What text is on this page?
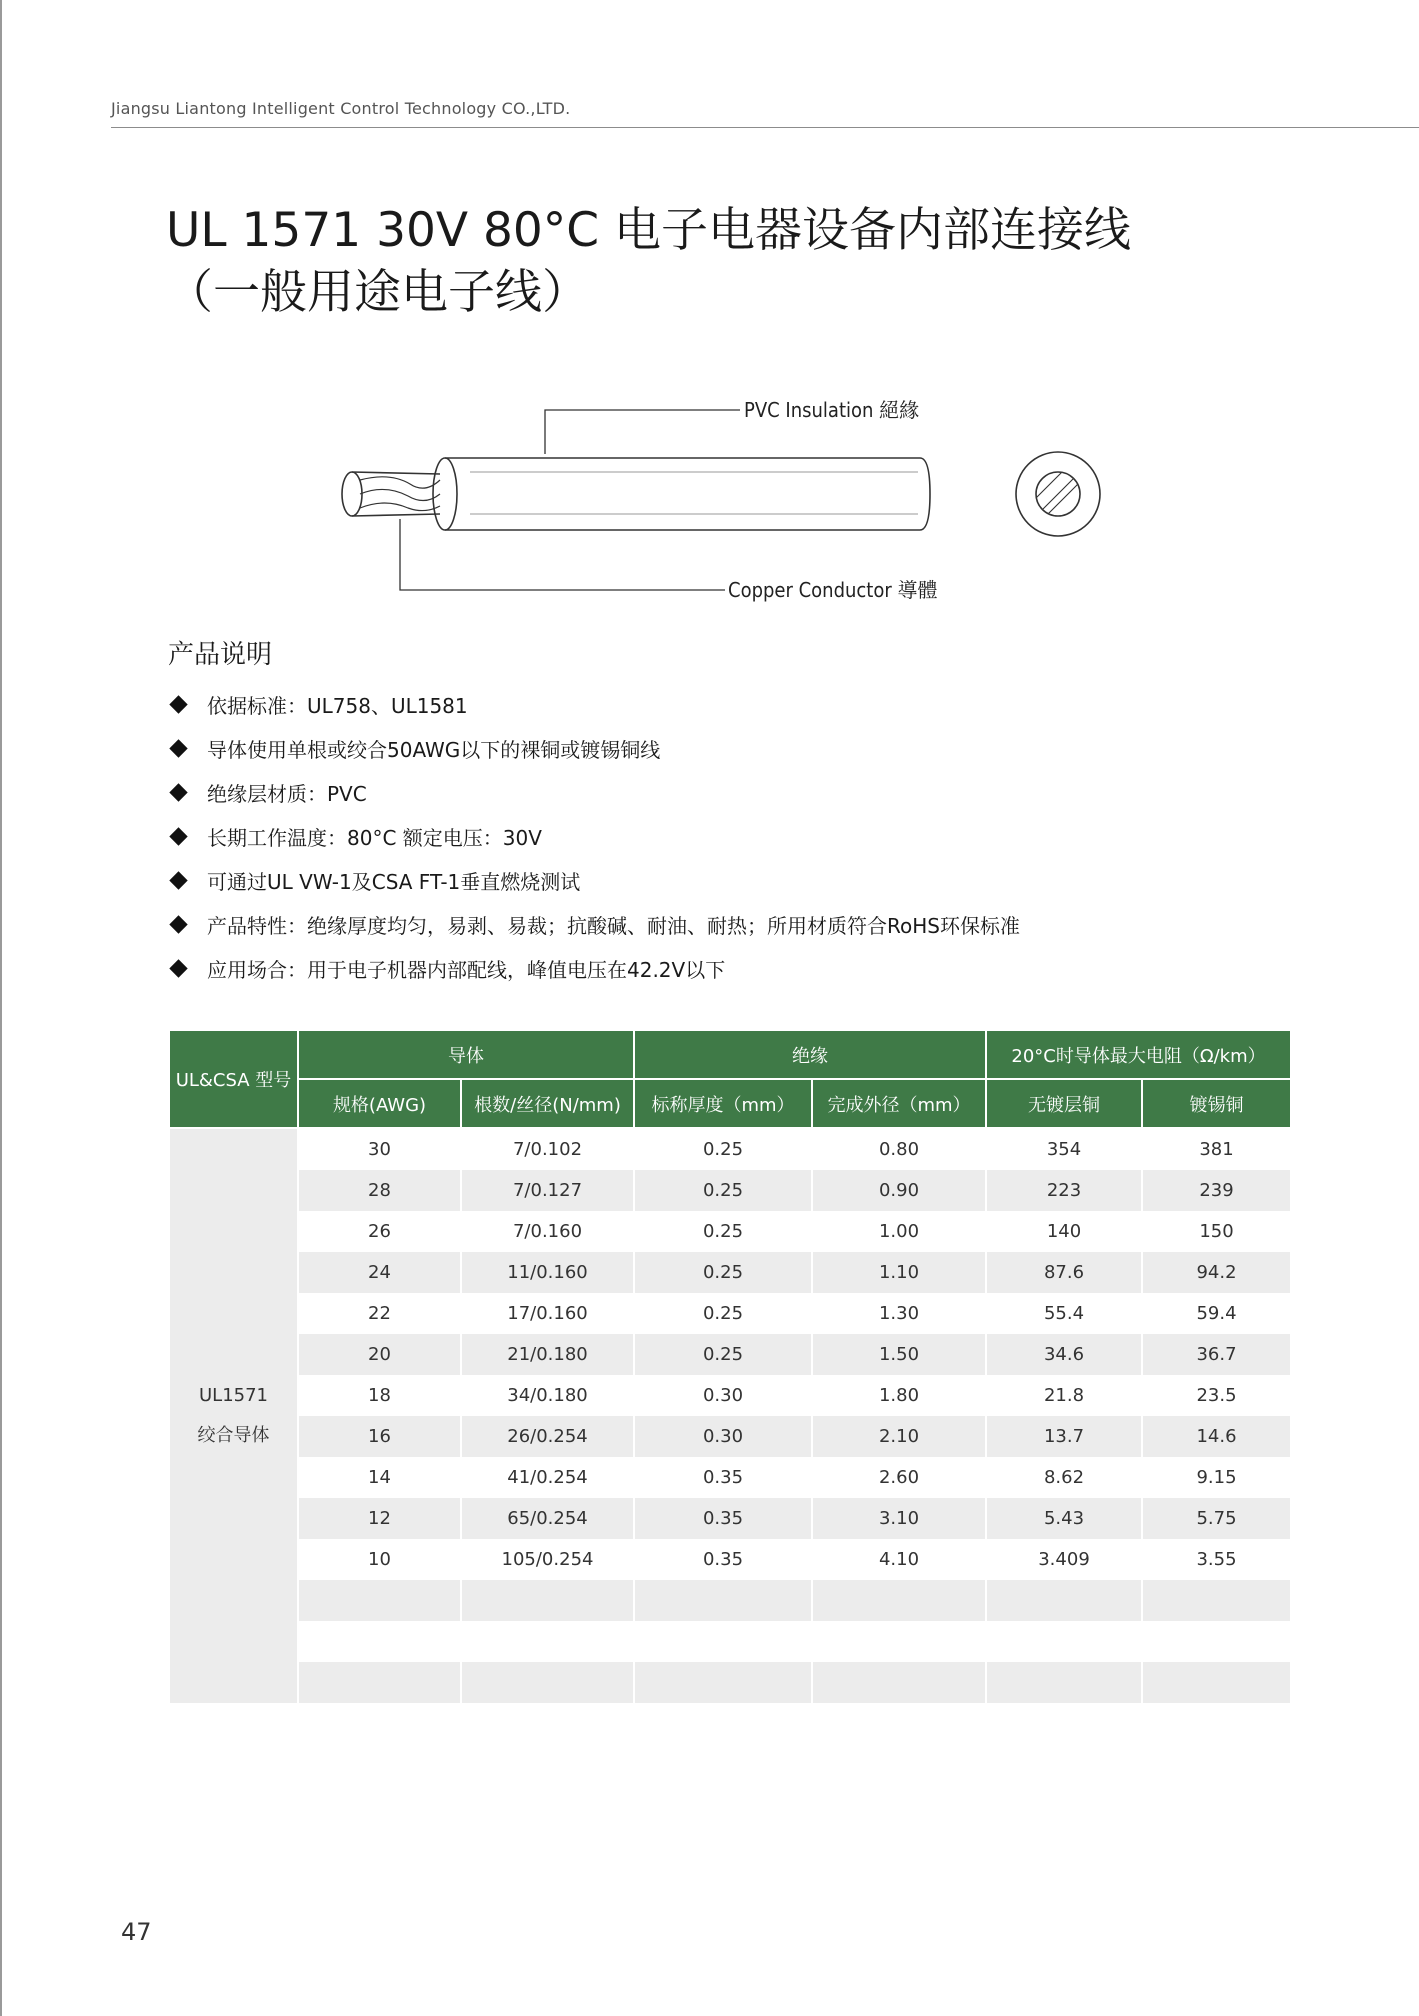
Jiangsu Liantong Intelligent Control Technology CO.,LTD.
UL 1571 30V 80°C 电子电器设备内部连接线
（一般用途电子线）
PVC Insulation 絕緣
Copper Conductor 導體
产品说明
依据标准：UL758、UL1581
导体使用单根或绞合50AWG以下的裸铜或镀锡铜线
绝缘层材质：PVC
长期工作温度：80°C 额定电压：30V
可通过UL VW-1及CSA FT-1垂直燃烧测试
产品特性：绝缘厚度均匀，易剥、易裁；抗酸碱、耐油、耐热；所用材质符合RoHS环保标准
应用场合：用于电子机器内部配线，峰值电压在42.2V以下
UL&CSA 型号	导体		绝缘		20°C时导体最大电阻（Ω/km）	
	规格(AWG)	根数/丝径(N/mm)	标称厚度（mm）	完成外径（mm）	无镀层铜	镀锡铜

UL1571
绞合导体	30	7/0.102	0.25	0.80	354	381
	28	7/0.127	0.25	0.90	223	239
	26	7/0.160	0.25	1.00	140	150
	24	11/0.160	0.25	1.10	87.6	94.2
	22	17/0.160	0.25	1.30	55.4	59.4
	20	21/0.180	0.25	1.50	34.6	36.7
	18	34/0.180	0.30	1.80	21.8	23.5
	16	26/0.254	0.30	2.10	13.7	14.6
	14	41/0.254	0.35	2.60	8.62	9.15
	12	65/0.254	0.35	3.10	5.43	5.75
	10	105/0.254	0.35	4.10	3.409	3.55

47
